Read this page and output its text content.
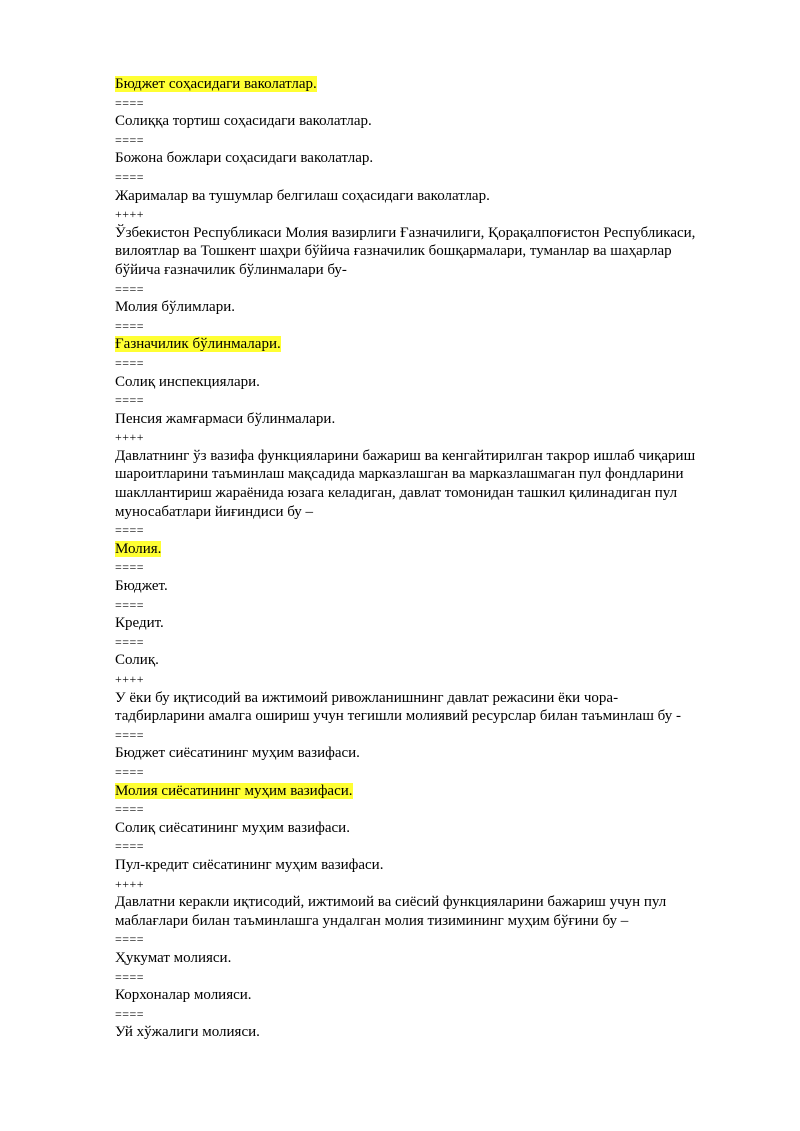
Бюджет соҳасидаги ваколатлар.
====
Солиққа тортиш соҳасидаги ваколатлар.
====
Божона божлари соҳасидаги ваколатлар.
====
Жарималар ва тушумлар белгилаш соҳасидаги ваколатлар.
++++
Ўзбекистон Республикаси Молия вазирлиги Ғазначилиги, Қорақалпоғистон Республикаси,
вилоятлар ва Тошкент шаҳри бўйича ғазначилик бошқармалари, туманлар ва шаҳарлар
бўйича ғазначилик бўлинмалари бу-
====
Молия бўлимлари.
====
Ғазначилик бўлинмалари.
====
Солиқ инспекциялари.
====
Пенсия жамғармаси бўлинмалари.
++++
Давлатнинг ўз вазифа функцияларини бажариш ва кенгайтирилган такрор ишлаб чиқариш
шароитларини таъминлаш мақсадида марказлашган ва марказлашмаган пул фондларини
шакллантириш жараёнида юзага келадиган, давлат томонидан ташкил қилинадиган пул
муносабатлари йиғиндиси бу –
====
Молия.
====
Бюджет.
====
Кредит.
====
Солиқ.
++++
У ёки бу иқтисодий ва ижтимоий ривожланишнинг давлат режасини ёки чора-
тадбирларини амалга ошириш учун тегишли молиявий ресурслар билан таъминлаш бу -
====
Бюджет сиёсатининг муҳим вазифаси.
====
Молия сиёсатининг муҳим вазифаси.
====
Солиқ сиёсатининг муҳим вазифаси.
====
Пул-кредит сиёсатининг муҳим вазифаси.
++++
Давлатни керакли иқтисодий, ижтимоий ва сиёсий функцияларини бажариш учун пул
маблағлари билан таъминлашга ундалган молия тизимининг муҳим бўғини бу –
====
Ҳукумат молияси.
====
Корхоналар молияси.
====
Уй хўжалиги молияси.
